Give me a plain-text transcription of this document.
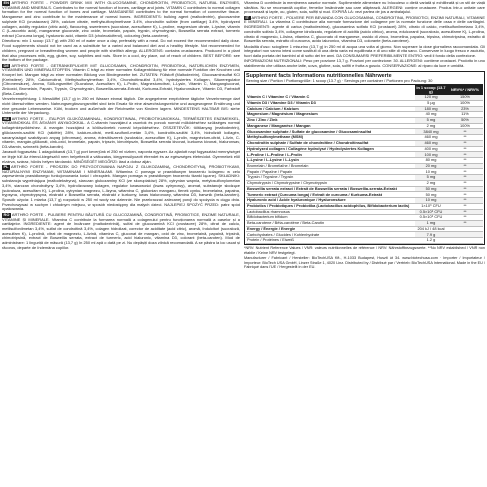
EN ARTHRO FORTE - POWDER DRINK MIX WITH GLUCOSAMINE, CHONDROITIN, PROBIOTICS, NATURAL ENZYMES, VITAMINS AND MINERALS. Contributes to the normal function of bones, cartilage and joints. VITAMIN C contributes to normal collagen formation for the normal function of bones and cartilage. MANGANESE contributes to the normal formation of connective tissue. Manganese and zinc contribute to the maintenance of normal bones. INGREDIENTS: bulking agent (maltodextrin), glucosamine sulphate KCl (crustacean) 28%, calcium citrate, methylsulfonylmethane 3.4%, chondroitin sulfate (from cartilage) 3.4%, hydrolyzed collagen, acidity regulator (citric acid), flavouring, sweeteners (sucralose, acesulfame K), L-proline, magnesium citrate, L-lysine, vitamin C (L-ascorbic acid), manganese gluconate, zinc oxide, bromelain, papain, trypsin, chymotrypsin, Boswellia serrata extract, turmeric extract (Curcuma longa), hyaluronic acid, vitamin D3 (cholecalciferol), colouring (beta-carotene).

Directions: mix 1 scoop (13.7 g) with 250 ml of water once a day, preferably with a meal. Do not exceed the recommended daily dose. Food supplements should not be used as a substitute for a varied and balanced diet and a healthy lifestyle. Not recommended for children, pregnant or breastfeeding women and people with shellfish allergy. ALLERGENS: contains crustaceans. Produced in a plant that also processes milk, egg, gluten, soy, sulphites and nuts. Store in a cool, dry place, out of reach of children. BEST BEFORE: see the bottom of the package.

DE ARTHRO FORTE - GETRÄNKEPULVER MIT GLUCOSAMIN, CHONDROITIN, PROBIOTIKA, NATÜRLICHEN ENZYMEN, VITAMINEN UND MINERALSTOFFEN. Vitamin C trägt zu einer normalen Kollagenbildung für eine normale Funktion der Knochen und Knorpel bei. Mangan trägt zu einer normalen Bildung von Bindegewebe bei. ZUTATEN: Füllstoff (Maltodextrin), Glucosaminsulfat KCl (Krebstiere) 28%, Calciumcitrat, Methylsulfonylmethan 3,4%, Chondroitinsulfat 3,4%, hydrolysiertes Kollagen, Säureregulator (Citronensäure), Aroma, Süßungsmittel (Sucralose, Acesulfam K), L-Prolin, Magnesiumcitrat, L-Lysin, Vitamin C, Mangangluconat, Zinkoxid, Bromelain, Papain, Trypsin, Chymotrypsin, Boswellia-serrata-Extrakt, Kurkuma-Extrakt, Hyaluronsäure, Vitamin D3, Farbstoff (Beta-Carotin).

Verzehrempfehlung: 1 Messlöffel (13,7 g) in 250 ml Wasser einmal täglich. Die angegebene empfohlene tägliche Verzehrmenge darf nicht überschritten werden. Nahrungsergänzungsmittel sind kein Ersatz für eine abwechslungsreiche und ausgewogene Ernährung und eine gesunde Lebensweise. Kühl, trocken und außerhalb der Reichweite von Kindern lagern. MINDESTENS HALTBAR BIS: siehe Unterseite der Verpackung.

HU ARTHRO FORTE - ITALPOR GLÜKÓZAMINNAL, KONDROITINNAL, PROBIOTIKUMOKKAL, TERMÉSZETES ENZIMEKKEL, VITAMINOKKAL ÉS ÁSVÁNYI ANYAGOKKAL. A C-vitamin hozzájárul a csontok és porcok normál működéséhez szükséges normál kollagénképződéshez. A mangán hozzájárul a kötőszövetek normál képződéséhez. ÖSSZETEVŐK: töltőanyag (maltodextrin), glükózamin-szulfát KCl (rákféle) 28%, kalcium-citrát, metil-szulfonil-metán 3,4%, kondroitin-szulfát 3,4%, hidrolizált kollagén, savanyúságot szabályozó anyag (citromsav), aroma, édesítőszerek (szukralóz, aceszulfám K), L-prolin, magnézium-citrát, L-lizin, C-vitamin, mangán-glükonát, cink-oxid, bromelain, papain, tripszin, kimotripszin, Boswellia serrata kivonat, kurkuma kivonat, hialuronsav, D3-vitamin, színezék (béta-karotin).

Javasolt fogyasztás: 1 adagolókanál (13,7 g) port keverjünk el 250 ml vízben, naponta egyszer. Az ajánlott napi fogyasztási mennyiséget ne lépje túl! Az étrend-kiegészítő nem helyettesíti a változatos, kiegyensúlyozott étrendet és az egészséges életmódot. Gyermekek elől elzárva, száraz, hűvös helyen tárolandó. MINŐSÉGÉT MEGŐRZI: lásd a doboz alján.

PL ARTHRO FORTE - PROSZEK DO PRZYGOTOWANIA NAPOJU Z GLUKOZAMINĄ, CHONDROITYNĄ, PROBIOTYKAMI, NATURALNYMI ENZYMAMI, WITAMINAMI I MINERAŁAMI. Witamina C pomaga w prawidłowym tworzeniu kolagenu w celu zapewnienia prawidłowego funkcjonowania kości i chrząstek. Mangan pomaga w prawidłowym tworzeniu tkanki łącznej. SKŁADNIKI: substancja wypełniająca (maltodekstryna), siarczan glukozaminy KCl (ze skorupiaków) 28%, cytrynian wapnia, metylosulfonylometan 3,4%, siarczan chondroityny 3,4%, hydrolizowany kolagen, regulator kwasowości (kwas cytrynowy), aromat, substancje słodzące (sukraloza, acesulfam K), L-prolina, cytrynian magnezu, L-lizyna, witamina C, glukonian manganu, tlenek cynku, bromelaina, papaina, trypsyna, chymotrypsyna, ekstrakt z Boswellia serrata, ekstrakt z kurkumy, kwas hialuronowy, witamina D3, barwnik (beta-karoten). Sposób użycia: 1 miarka (13,7 g) rozpuścić w 250 ml wody raz dziennie. Nie przekraczać zalecanej porcji do spożycia w ciągu dnia. Przechowywać w suchym i chłodnym miejscu, w sposób niedostępny dla małych dzieci. NAJLEPIEJ SPOŻYĆ PRZED: patrz spód opakowania.

RO ARTHRO FORTE - PULBERE PENTRU BĂUTURĂ CU GLUCOZAMINĂ, CONDROITINĂ, PROBIOTICE, ENZIME NATURALE, VITAMINE ȘI MINERALE. Vitamina C contribuie la formarea normală a colagenului pentru funcționarea normală a oaselor și a cartilajelor. INGREDIENTE: agent de încărcare (maltodextrină), sulfat de glucozamină KCl (crustacee) 28%, citrat de calciu, metilsulfonilmetan 3,4%, sulfat de condroitină 3,4%, colagen hidrolizat, corector de aciditate (acid citric), aromă, îndulcitori (sucraloză, acesulfam K), L-prolină, citrat de magneziu, L-lizină, vitamina C, gluconat de mangan, oxid de zinc, bromelaină, papaină, tripsină, chimotripsină, extract de Boswellia serrata, extract de turmeric, acid hialuronic, vitamina D3, colorant (beta-caroten). Mod de administrare: 1 linguriță de măsură (13,7 g) în 250 ml apă o dată pe zi. Nu depășiți doza zilnică recomandată. A se păstra la loc uscat și răcoros, departe de îndemâna copiilor.

Vitamina D contribuie la menținerea oaselor normale. Suplimentele alimentare nu înlocuiesc o dietă variată și echilibrată și un stil de viață sănătos. Nu se recomandă copiilor, femeilor însărcinate sau care alăptează. ALERGENI: conține crustacee. Produs într-o unitate care procesează și lapte, ou, gluten, soia, sulfiți și nuci. EXPIRĂ LA: vezi partea de jos a ambalajului.

IT ARTHRO FORTE - POLVERE PER BEVANDA CON GLUCOSAMINA, CONDROITINA, PROBIOTICI, ENZIMI NATURALI, VITAMINE E MINERALI. La vitamina C contribuisce alla normale formazione del collagene per la normale funzione delle ossa e delle cartilagini. INGREDIENTI: agente di carica (maltodestrina), glucosamina solfato KCl (crostacei) 28%, citrato di calcio, metilsulfonilmetano 3,4%, condroitin solfato 3,4%, collagene idrolizzato, regolatore di acidità (acido citrico), aroma, edulcoranti (sucralosio, acesulfame K), L-prolina, citrato di magnesio, L-lisina, vitamina C, gluconato di manganese, ossido di zinco, bromelina, papaina, tripsina, chimotripsina, estratto di Boswellia serrata, estratto di curcuma, acido ialuronico, vitamina D3, colorante (beta-carotene).

Modalità d'uso: sciogliere 1 misurino (13,7 g) in 250 ml di acqua una volta al giorno. Non superare la dose giornaliera raccomandata. Gli integratori non vanno intesi come sostituti di una dieta varia ed equilibrata e di uno stile di vita sano. Conservare in luogo fresco e asciutto, fuori dalla portata dei bambini al di sotto dei tre anni. DA CONSUMARSI PREFERIBILMENTE ENTRO: vedi il fondo della confezione.

INFORMAZIONI NUTRIZIONALI: Peso per porzione 13,7 g. Porzioni per confezione: 30. ALLERGENI: contiene crostacei. Prodotto in uno stabilimento che utilizza anche latte, uova, glutine, soia, solfiti e frutta a guscio. CONSERVAZIONE: al riparo da luce e umidità.

Supplement facts Informations nutritionnelles Nährwerte
Serving size / Portion / Portionsgröße: 1 scoop (13.7 g) · Servings per container / Portionen pro Packung: 30
	in 1 scoop (13.7 g)	NRV%* / NRV%
Vitamin C / Vitamine C / Vitamin C	120 mg	150%
Vitamin D3 / Vitamine D3 / Vitamin D3	5 µg	100%
Calcium / Calcium / Kalzium	180 mg	23%
Magnesium / Magnésium / Magnesium	40 mg	11%
Zinc / Zinc / Zink	5 mg	50%
Manganese / Manganèse / Mangan	2 mg	100%
Glucosamine sulphate / Sulfate de glucosamine / Glucosaminsulfat	3840 mg	**
Methylsulfonylmethane (MSM)	460 mg	**
Chondroitin sulphate / Sulfate de chondroïtine / Chondroitinsulfat	460 mg	**
Hydrolyzed collagen / Collagène hydrolysé / Hydrolysiertes Kollagen	400 mg	**
L-Proline / L-Proline / L-Prolin	100 mg	**
L-Lysine / L-Lysine / L-Lysin	80 mg	**
Bromelain / Bromélaïne / Bromelain	20 mg	**
Papain / Papaïne / Papain	10 mg	**
Trypsin / Trypsine / Trypsin	5 mg	**
Chymotrypsin / Chymotrypsine / Chymotrypsin	2 mg	**
Boswellia serrata extract / Extrait de Boswellia serrata / Boswellia-serrata-Extrakt	50 mg	**
Turmeric extract (Curcuma longa) / Extrait de curcuma / Kurkuma-Extrakt	50 mg	**
Hyaluronic acid / Acide hyaluronique / Hyaluronsäure	10 mg	**
Probiotics / Probiotiques / Probiotika (Lactobacillus acidophilus, Bifidobacterium lactis)	1×10⁹ CFU	**
Lactobacillus rhamnosus	0.5×10⁹ CFU	**
Bifidobacterium bifidum	0.5×10⁹ CFU	**
Beta-carotene / Bêta-carotène / Beta-Carotin	1 mg	**
Energy / Énergie / Energie	204 kJ / 48 kcal	
Carbohydrates / Glucides / Kohlenhydrate	7.9 g	
Protein / Protéines / Eiweiß	1.2 g	
*NRV: Nutrient Reference Values / VNR: valeurs nutritionnelles de référence / NRV: Nährstoffbezugswerte. **No NRV established / VNR non établie / Keine NRV festgelegt.
Manufacturer / Fabricant / Hersteller: BioTechUSA Kft., H-1033 Budapest, Huszti út 34. www.biotechusa.com · Importer / Importateur / Importeur: BioTech USA GmbH, Linzer Straße 1, 4020 Linz. Distributed by / Distribué par / Vertrieb: BioTechUSA International. Made in the EU / Fabriqué dans l'UE / Hergestellt in der EU.
